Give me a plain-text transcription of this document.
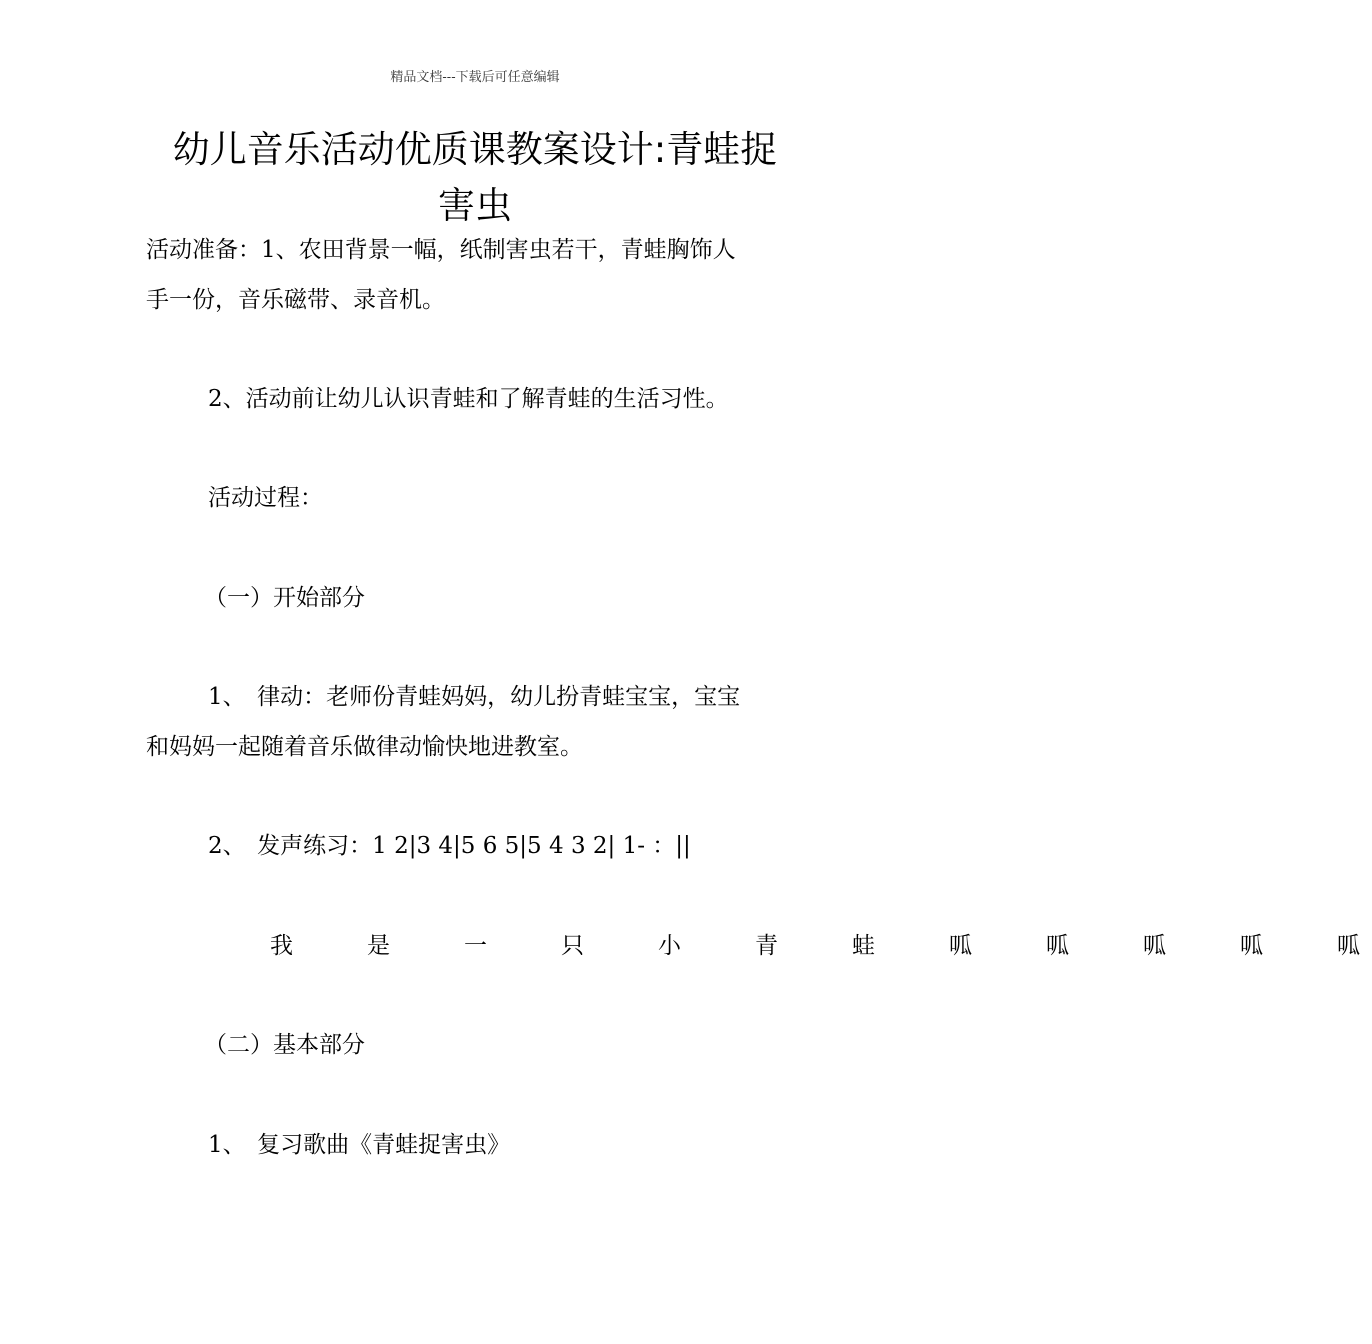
精品文档---下载后可任意编辑
幼儿音乐活动优质课教案设计:青蛙捉
害虫

活动准备：1、农田背景一幅，纸制害虫若干，青蛙胸饰人

手一份，音乐磁带、录音机。

2、活动前让幼儿认识青蛙和了解青蛙的生活习性。

活动过程：

（一）开始部分

1、　律动：老师份青蛙妈妈，幼儿扮青蛙宝宝，宝宝

和妈妈一起随着音乐做律动愉快地进教室。

2、　发声练习：1 2|3 4|5 6 5|5 4 3 2| 1- ：||

我	是	一	只	小	青	蛙	呱	呱	呱	呱	呱

（二）基本部分

1、　复习歌曲《青蛙捉害虫》
